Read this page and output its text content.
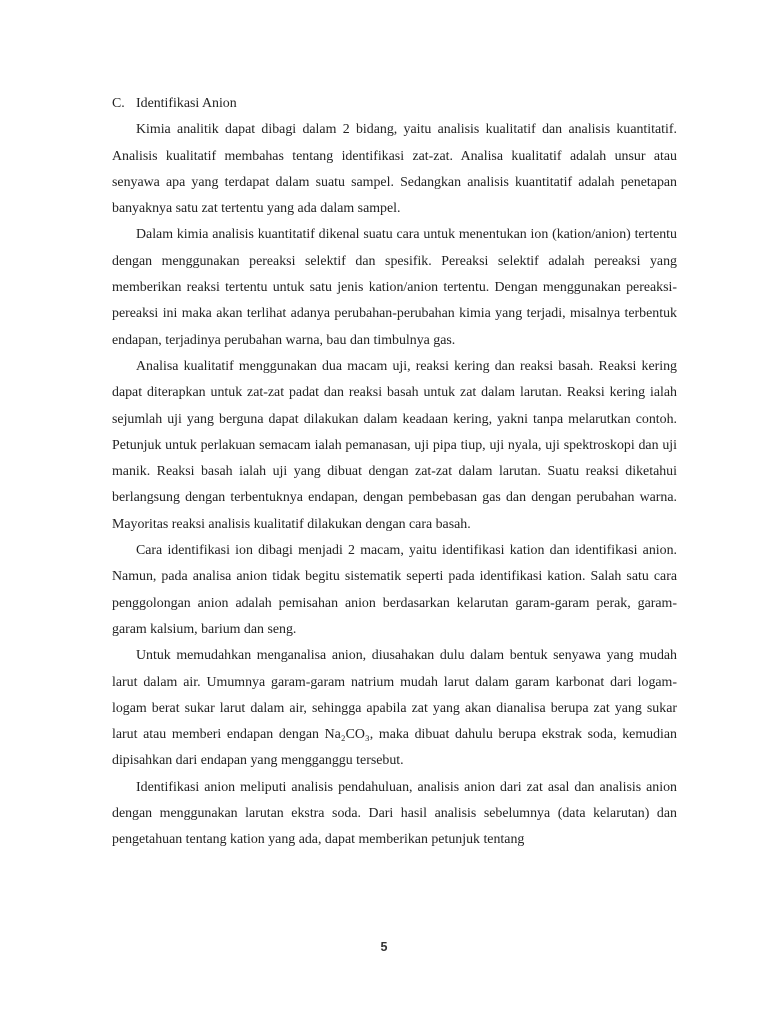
C. Identifikasi Anion

Kimia analitik dapat dibagi dalam 2 bidang, yaitu analisis kualitatif dan analisis kuantitatif. Analisis kualitatif membahas tentang identifikasi zat-zat. Analisa kualitatif adalah unsur atau senyawa apa yang terdapat dalam suatu sampel. Sedangkan analisis kuantitatif adalah penetapan banyaknya satu zat tertentu yang ada dalam sampel.

Dalam kimia analisis kuantitatif dikenal suatu cara untuk menentukan ion (kation/anion) tertentu dengan menggunakan pereaksi selektif dan spesifik. Pereaksi selektif adalah pereaksi yang memberikan reaksi tertentu untuk satu jenis kation/anion tertentu. Dengan menggunakan pereaksi-pereaksi ini maka akan terlihat adanya perubahan-perubahan kimia yang terjadi, misalnya terbentuk endapan, terjadinya perubahan warna, bau dan timbulnya gas.

Analisa kualitatif menggunakan dua macam uji, reaksi kering dan reaksi basah. Reaksi kering dapat diterapkan untuk zat-zat padat dan reaksi basah untuk zat dalam larutan. Reaksi kering ialah sejumlah uji yang berguna dapat dilakukan dalam keadaan kering, yakni tanpa melarutkan contoh. Petunjuk untuk perlakuan semacam ialah pemanasan, uji pipa tiup, uji nyala, uji spektroskopi dan uji manik. Reaksi basah ialah uji yang dibuat dengan zat-zat dalam larutan. Suatu reaksi diketahui berlangsung dengan terbentuknya endapan, dengan pembebasan gas dan dengan perubahan warna. Mayoritas reaksi analisis kualitatif dilakukan dengan cara basah.

Cara identifikasi ion dibagi menjadi 2 macam, yaitu identifikasi kation dan identifikasi anion. Namun, pada analisa anion tidak begitu sistematik seperti pada identifikasi kation. Salah satu cara penggolongan anion adalah pemisahan anion berdasarkan kelarutan garam-garam perak, garam-garam kalsium, barium dan seng.

Untuk memudahkan menganalisa anion, diusahakan dulu dalam bentuk senyawa yang mudah larut dalam air. Umumnya garam-garam natrium mudah larut dalam garam karbonat dari logam-logam berat sukar larut dalam air, sehingga apabila zat yang akan dianalisa berupa zat yang sukar larut atau memberi endapan dengan Na₂CO₃, maka dibuat dahulu berupa ekstrak soda, kemudian dipisahkan dari endapan yang mengganggu tersebut.

Identifikasi anion meliputi analisis pendahuluan, analisis anion dari zat asal dan analisis anion dengan menggunakan larutan ekstra soda. Dari hasil analisis sebelumnya (data kelarutan) dan pengetahuan tentang kation yang ada, dapat memberikan petunjuk tentang

5
